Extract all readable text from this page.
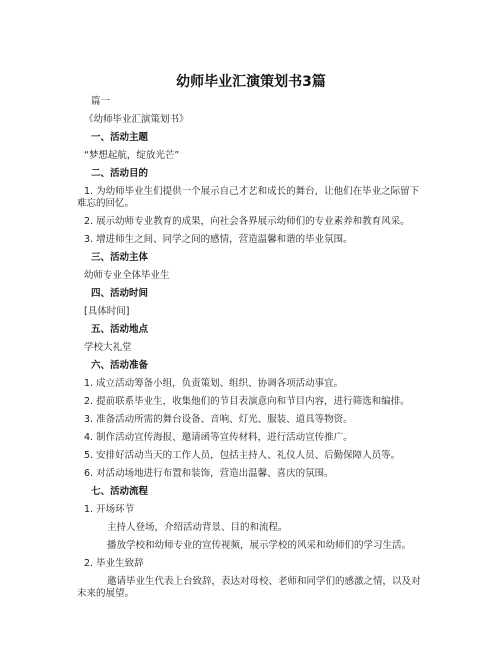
幼师毕业汇演策划书3篇

篇一

《幼师毕业汇演策划书》

一、活动主题

“梦想起航，绽放光芒”

二、活动目的

1. 为幼师毕业生们提供一个展示自己才艺和成长的舞台，让他们在毕业之际留下难忘的回忆。

2. 展示幼师专业教育的成果，向社会各界展示幼师们的专业素养和教育风采。

3. 增进师生之间、同学之间的感情，营造温馨和谐的毕业氛围。

三、活动主体

幼师专业全体毕业生

四、活动时间

[具体时间]

五、活动地点

学校大礼堂

六、活动准备

1. 成立活动筹备小组，负责策划、组织、协调各项活动事宜。

2. 提前联系毕业生，收集他们的节目表演意向和节目内容，进行筛选和编排。

3. 准备活动所需的舞台设备、音响、灯光、服装、道具等物资。

4. 制作活动宣传海报、邀请函等宣传材料，进行活动宣传推广。

5. 安排好活动当天的工作人员，包括主持人、礼仪人员、后勤保障人员等。

6. 对活动场地进行布置和装饰，营造出温馨、喜庆的氛围。

七、活动流程

1. 开场环节

主持人登场，介绍活动背景、目的和流程。

播放学校和幼师专业的宣传视频，展示学校的风采和幼师们的学习生活。

2. 毕业生致辞

邀请毕业生代表上台致辞，表达对母校、老师和同学们的感激之情，以及对未来的展望。
